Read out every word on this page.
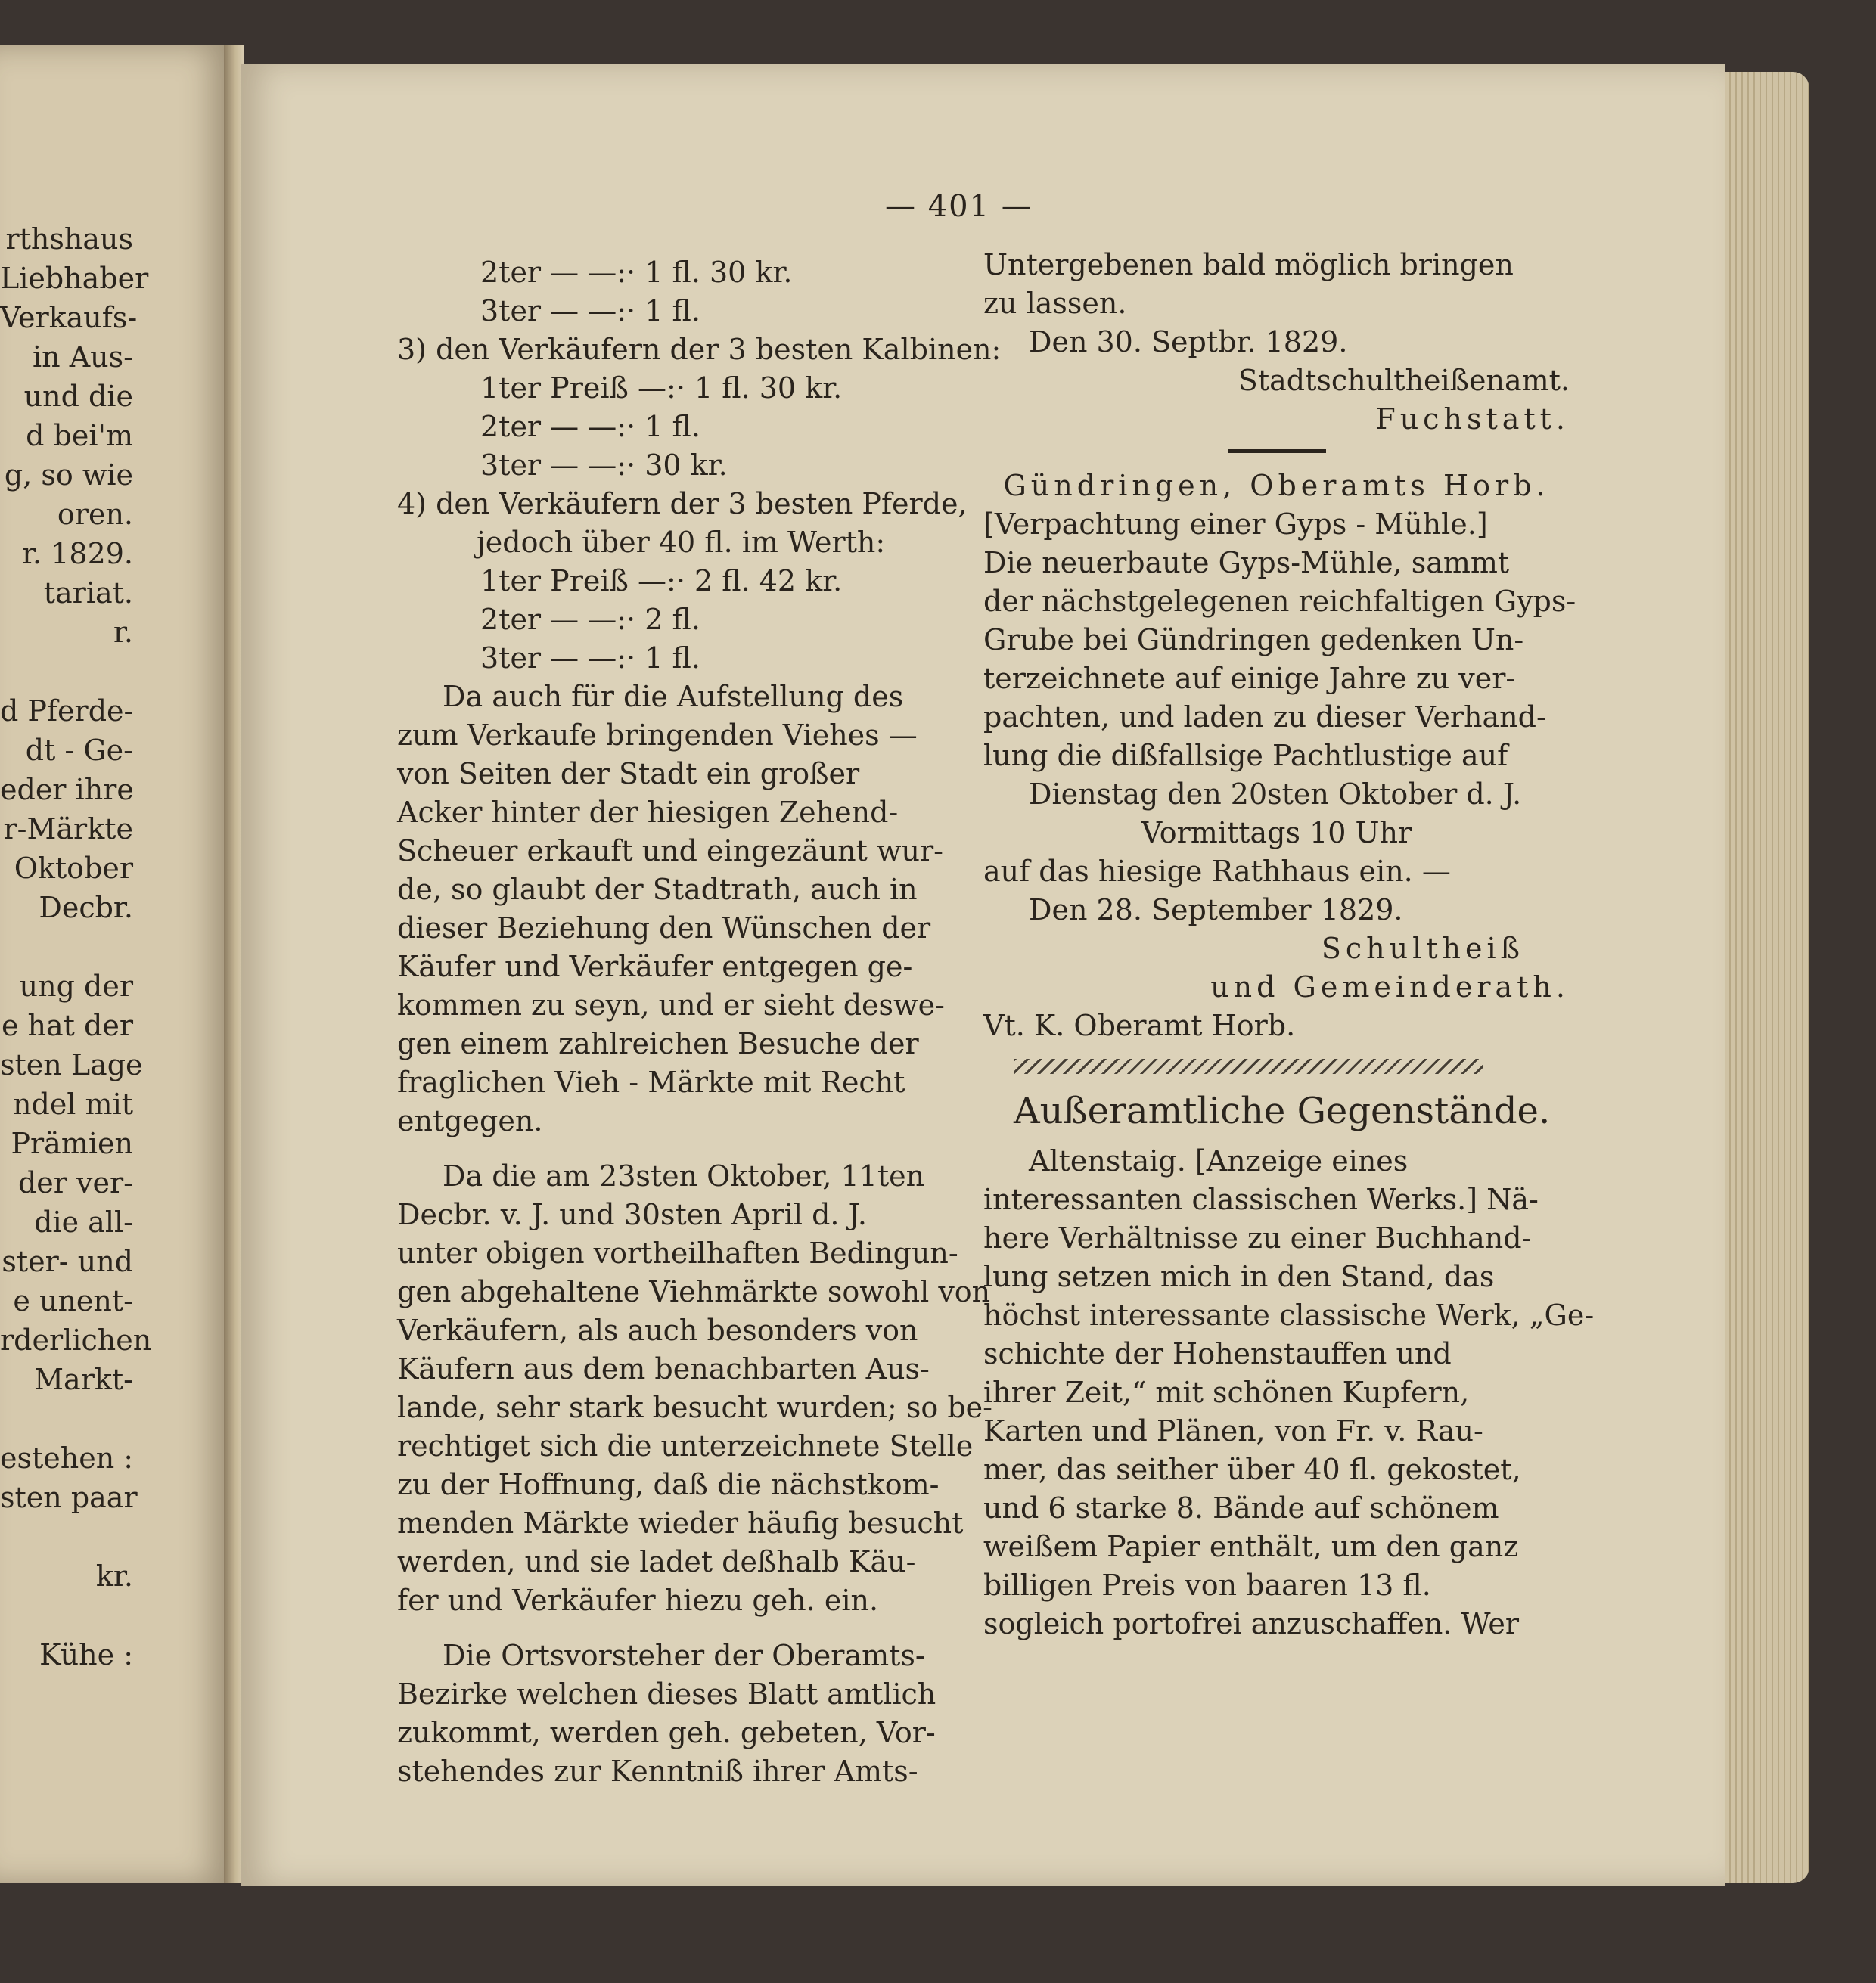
rthshaus
Liebhaber
Verkaufs-
in Aus-
und die
d bei'm
g, so wie
oren.
r. 1829.
tariat.
r.
d Pferde-
dt - Ge-
eder ihre
r-Märkte
Oktober
Decbr.
ung der
e hat der
sten Lage
ndel mit
Prämien
der ver-
die all-
ster- und
e unent-
rderlichen
Markt-
estehen :
sten paar
kr.
Kühe :
— 401 —
2ter — —:· 1 fl. 30 kr.
3ter — —:· 1 fl.
3) den Verkäufern der 3 besten Kalbinen:
1ter Preiß —:· 1 fl. 30 kr.
2ter — —:· 1 fl.
3ter — —:· 30 kr.
4) den Verkäufern der 3 besten Pferde,
jedoch über 40 fl. im Werth:
1ter Preiß —:· 2 fl. 42 kr.
2ter — —:· 2 fl.
3ter — —:· 1 fl.
Da auch für die Aufstellung des
zum Verkaufe bringenden Viehes —
von Seiten der Stadt ein großer
Acker hinter der hiesigen Zehend-
Scheuer erkauft und eingezäunt wur-
de, so glaubt der Stadtrath, auch in
dieser Beziehung den Wünschen der
Käufer und Verkäufer entgegen ge-
kommen zu seyn, und er sieht deswe-
gen einem zahlreichen Besuche der
fraglichen Vieh - Märkte mit Recht
entgegen.
Da die am 23sten Oktober, 11ten
Decbr. v. J. und 30sten April d. J.
unter obigen vortheilhaften Bedingun-
gen abgehaltene Viehmärkte sowohl von
Verkäufern, als auch besonders von
Käufern aus dem benachbarten Aus-
lande, sehr stark besucht wurden; so be-
rechtiget sich die unterzeichnete Stelle
zu der Hoffnung, daß die nächstkom-
menden Märkte wieder häufig besucht
werden, und sie ladet deßhalb Käu-
fer und Verkäufer hiezu geh. ein.
Die Ortsvorsteher der Oberamts-
Bezirke welchen dieses Blatt amtlich
zukommt, werden geh. gebeten, Vor-
stehendes zur Kenntniß ihrer Amts-
Untergebenen bald möglich bringen
zu lassen.
Den 30. Septbr. 1829.
Stadtschultheißenamt.
Fuchstatt.
Gündringen, Oberamts Horb.
[Verpachtung einer Gyps - Mühle.]
Die neuerbaute Gyps-Mühle, sammt
der nächstgelegenen reichfaltigen Gyps-
Grube bei Gündringen gedenken Un-
terzeichnete auf einige Jahre zu ver-
pachten, und laden zu dieser Verhand-
lung die dißfallsige Pachtlustige auf
Dienstag den 20sten Oktober d. J.
Vormittags 10 Uhr
auf das hiesige Rathhaus ein. —
Den 28. September 1829.
Schultheiß
und Gemeinderath.
Vt. K. Oberamt Horb.
Außeramtliche Gegenstände.
Altenstaig. [Anzeige eines
interessanten classischen Werks.] Nä-
here Verhältnisse zu einer Buchhand-
lung setzen mich in den Stand, das
höchst interessante classische Werk, „Ge-
schichte der Hohenstauffen und
ihrer Zeit,“ mit schönen Kupfern,
Karten und Plänen, von Fr. v. Rau-
mer, das seither über 40 fl. gekostet,
und 6 starke 8. Bände auf schönem
weißem Papier enthält, um den ganz
billigen Preis von baaren 13 fl.
sogleich portofrei anzuschaffen. Wer
